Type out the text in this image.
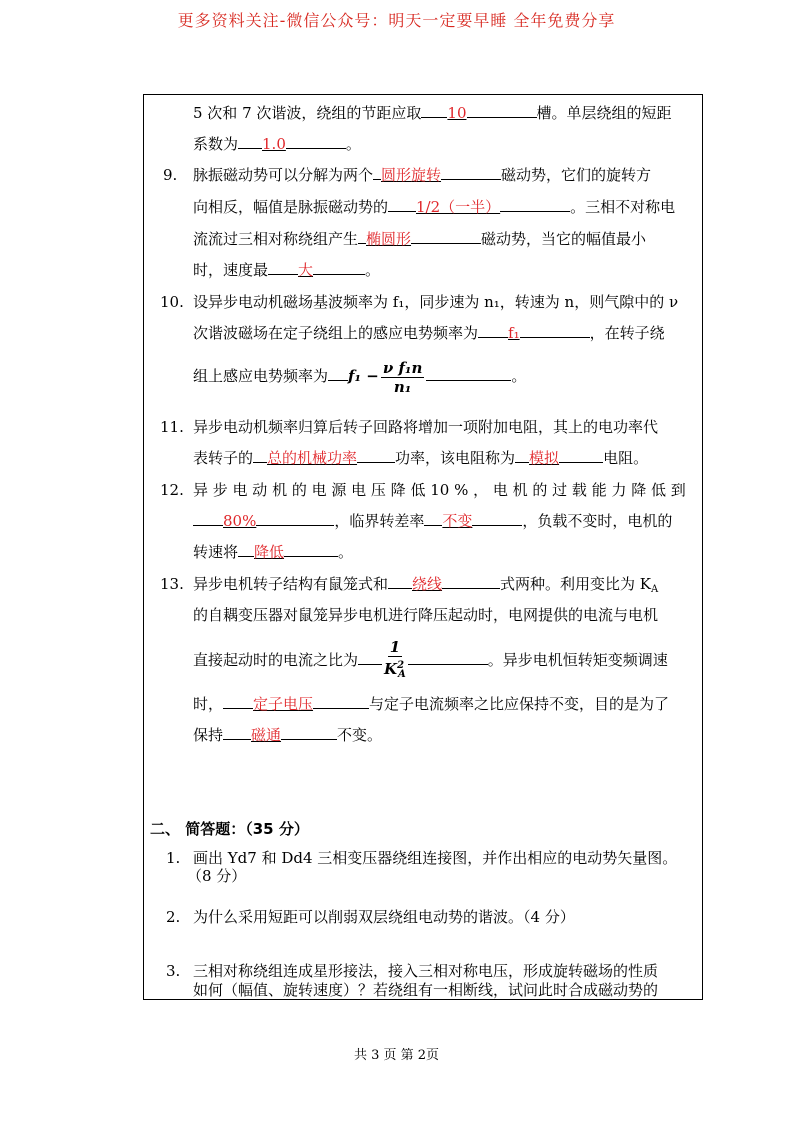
更多资料关注-微信公众号：明天一定要早睡 全年免费分享
5 次和 7 次谐波，绕组的节距应取 10	槽。单层绕组的短距
系数为 1.0	。
9. 脉振磁动势可以分解为两个 圆形旋转	磁动势，它们的旋转方
向相反，幅值是脉振磁动势的 1/2（一半）	。三相不对称电
流流过三相对称绕组产生 椭圆形	磁动势，当它的幅值最小
时，速度最 大	。
10. 设异步电动机磁场基波频率为 f₁，同步速为 n₁，转速为 n，则气隙中的 ν
次谐波磁场在定子绕组上的感应电势频率为 f₁	，在转子绕
组上感应电势频率为 $f_1 - \frac{\text{ν f₁n}}{\text{n₁}}$	。
11. 异步电动机频率归算后转子回路将增加一项附加电阻，其上的电功率代
表转子的 总的机械功率	功率，该电阻称为 模拟	电阻。
12. 异 步 电 动 机 的 电 源 电 压 降 低 10 % ， 电 机 的 过 载 能 力 降 低 到
80%	，临界转差率 不变	，负载不变时，电机的
转速将 降低	。
13. 异步电机转子结构有鼠笼式和 绕线	式两种。利用变比为 $K_A$
的自耦变压器对鼠笼异步电机进行降压起动时，电网提供的电流与电机
直接起动时的电流之比为 $\frac{1}{K^2_A}$	。异步电机恒转矩变频调速
时， 定子电压	与定子电流频率之比应保持不变，目的是为了
保持 磁通	不变。
二、 简答题：（35 分）
1. 画出 Yd7 和 Dd4 三相变压器绕组连接图，并作出相应的电动势矢量图。
（8 分）
2. 为什么采用短距可以削弱双层绕组电动势的谐波。（4 分）
3. 三相对称绕组连成星形接法，接入三相对称电压，形成旋转磁场的性质
如何（幅值、旋转速度）？若绕组有一相断线，试问此时合成磁动势的
共 3 页 第 2页
